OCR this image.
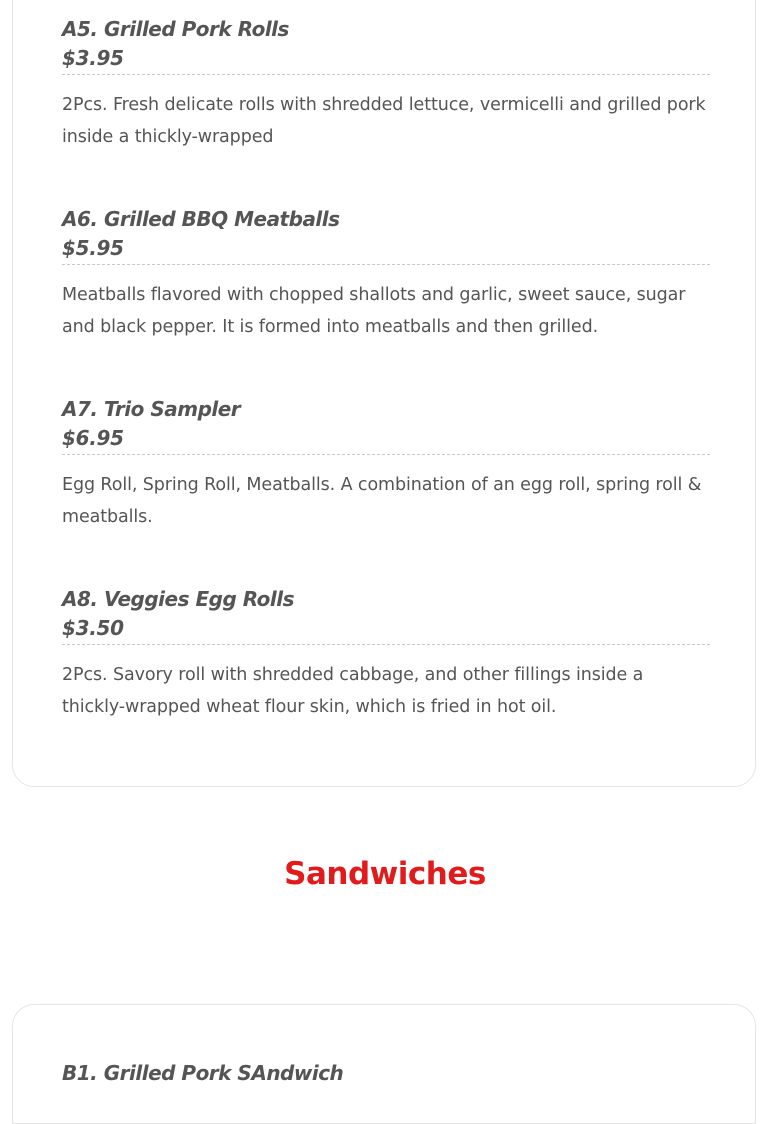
A5. Grilled Pork Rolls
$3.95
2Pcs. Fresh delicate rolls with shredded lettuce, vermicelli and grilled pork inside a thickly-wrapped
A6. Grilled BBQ Meatballs
$5.95
Meatballs flavored with chopped shallots and garlic, sweet sauce, sugar and black pepper. It is formed into meatballs and then grilled.
A7. Trio Sampler
$6.95
Egg Roll, Spring Roll, Meatballs. A combination of an egg roll, spring roll & meatballs.
A8. Veggies Egg Rolls
$3.50
2Pcs. Savory roll with shredded cabbage, and other fillings inside a thickly-wrapped wheat flour skin, which is fried in hot oil.
Sandwiches
B1. Grilled Pork SAndwich
